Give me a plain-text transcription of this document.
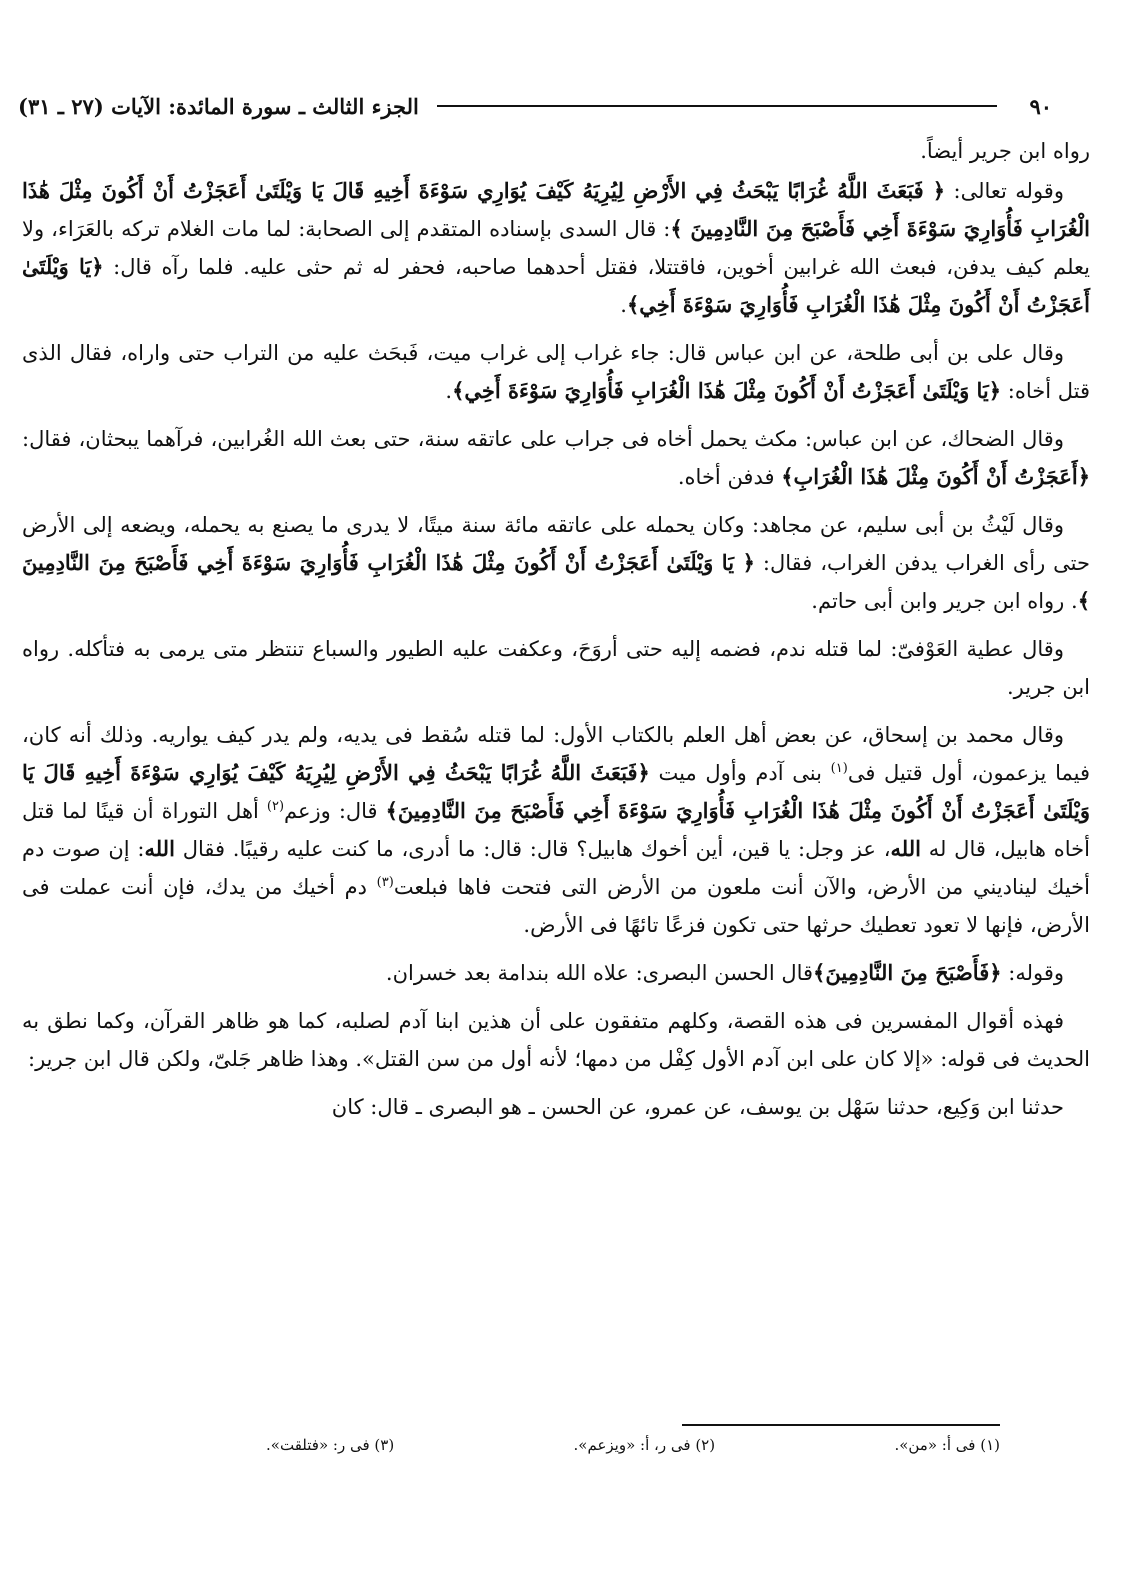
٩٠
الجزء الثالث ـ سورة المائدة: الآيات (٢٧ ـ ٣١)

رواه ابن جرير أيضاً.

وقوله تعالى: ﴿ فَبَعَثَ اللَّهُ غُرَابًا يَبْحَثُ فِي الأَرْضِ لِيُرِيَهُ كَيْفَ يُوَارِي سَوْءَةَ أَخِيهِ قَالَ يَا وَيْلَتَىٰ أَعَجَزْتُ أَنْ أَكُونَ مِثْلَ هَٰذَا الْغُرَابِ فَأُوَارِيَ سَوْءَةَ أَخِي فَأَصْبَحَ مِنَ النَّادِمِينَ ﴾: قال السدى بإسناده المتقدم إلى الصحابة: لما مات الغلام تركه بالعَرَاء، ولا يعلم كيف يدفن، فبعث الله غرابين أخوين، فاقتتلا، فقتل أحدهما صاحبه، فحفر له ثم حثى عليه. فلما رآه قال: ﴿يَا وَيْلَتَىٰ أَعَجَزْتُ أَنْ أَكُونَ مِثْلَ هَٰذَا الْغُرَابِ فَأُوَارِيَ سَوْءَةَ أَخِي﴾.

وقال على بن أبى طلحة، عن ابن عباس قال: جاء غراب إلى غراب ميت، فَبحَث عليه من التراب حتى واراه، فقال الذى قتل أخاه: ﴿يَا وَيْلَتَىٰ أَعَجَزْتُ أَنْ أَكُونَ مِثْلَ هَٰذَا الْغُرَابِ فَأُوَارِيَ سَوْءَةَ أَخِي﴾.

وقال الضحاك، عن ابن عباس: مكث يحمل أخاه فى جراب على عاتقه سنة، حتى بعث الله الغُرابين، فرآهما يبحثان، فقال: ﴿أَعَجَزْتُ أَنْ أَكُونَ مِثْلَ هَٰذَا الْغُرَابِ﴾ فدفن أخاه.

وقال لَيْثُ بن أبى سليم، عن مجاهد: وكان يحمله على عاتقه مائة سنة ميتًا، لا يدرى ما يصنع به يحمله، ويضعه إلى الأرض حتى رأى الغراب يدفن الغراب، فقال: ﴿ يَا وَيْلَتَىٰ أَعَجَزْتُ أَنْ أَكُونَ مِثْلَ هَٰذَا الْغُرَابِ فَأُوَارِيَ سَوْءَةَ أَخِي فَأَصْبَحَ مِنَ النَّادِمِينَ ﴾. رواه ابن جرير وابن أبى حاتم.

وقال عطية العَوْفىّ: لما قتله ندم، فضمه إليه حتى أروَحَ، وعكفت عليه الطيور والسباع تنتظر متى يرمى به فتأكله. رواه ابن جرير.

وقال محمد بن إسحاق، عن بعض أهل العلم بالكتاب الأول: لما قتله سُقط فى يديه، ولم يدر كيف يواريه. وذلك أنه كان، فيما يزعمون، أول قتيل فى$^{(١)}$ بنى آدم وأول ميت ﴿فَبَعَثَ اللَّهُ غُرَابًا يَبْحَثُ فِي الأَرْضِ لِيُرِيَهُ كَيْفَ يُوَارِي سَوْءَةَ أَخِيهِ قَالَ يَا وَيْلَتَىٰ أَعَجَزْتُ أَنْ أَكُونَ مِثْلَ هَٰذَا الْغُرَابِ فَأُوَارِيَ سَوْءَةَ أَخِي فَأَصْبَحَ مِنَ النَّادِمِينَ﴾ قال: وزعم$^{(٢)}$ أهل التوراة أن قينًا لما قتل أخاه هابيل، قال له الله، عز وجل: يا قين، أين أخوك هابيل؟ قال: قال: ما أدرى، ما كنت عليه رقيبًا. فقال الله: إن صوت دم أخيك ليناديني من الأرض، والآن أنت ملعون من الأرض التى فتحت فاها فبلعت$^{(٣)}$ دم أخيك من يدك، فإن أنت عملت فى الأرض، فإنها لا تعود تعطيك حرثها حتى تكون فزعًا تائهًا فى الأرض.

وقوله: ﴿فَأَصْبَحَ مِنَ النَّادِمِينَ﴾قال الحسن البصرى: علاه الله بندامة بعد خسران.

فهذه أقوال المفسرين فى هذه القصة، وكلهم متفقون على أن هذين ابنا آدم لصلبه، كما هو ظاهر القرآن، وكما نطق به الحديث فى قوله: «إلا كان على ابن آدم الأول كِفْل من دمها؛ لأنه أول من سن القتل». وهذا ظاهر جَلىّ، ولكن قال ابن جرير:

حدثنا ابن وَكِيع، حدثنا سَهْل بن يوسف، عن عمرو، عن الحسن ـ هو البصرى ـ قال: كان

(١) فى أ: «من».
(٢) فى ر، أ: «ويزعم».
(٣) فى ر: «فتلقت».
